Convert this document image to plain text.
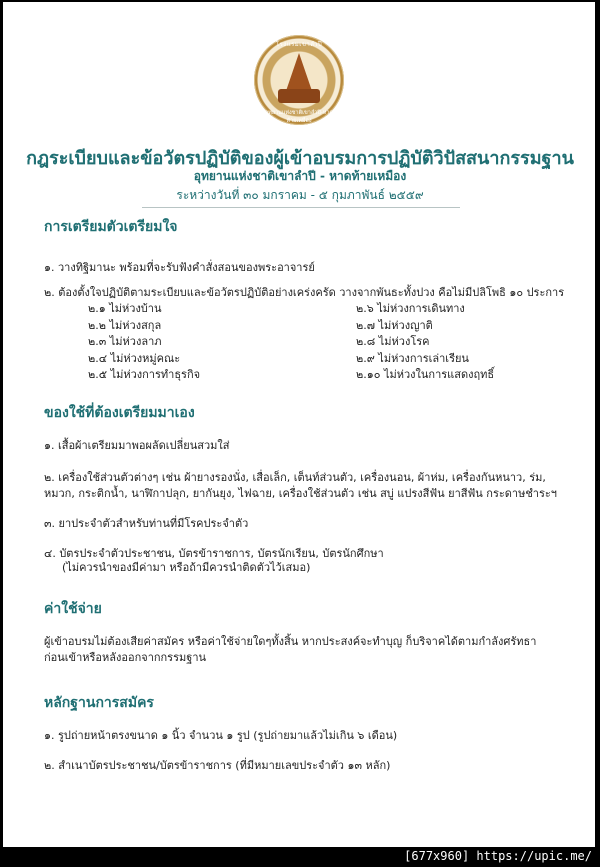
โรงแรมเขาลำปี
อุทยานแห่งชาติเขาลำปี-หาดท้ายเหมือง
กฎระเบียบและข้อวัตรปฏิบัติของผู้เข้าอบรมการปฏิบัติวิปัสสนากรรมฐาน
อุทยานแห่งชาติเขาลำปี - หาดท้ายเหมือง
ระหว่างวันที่ ๓๐ มกราคม - ๕ กุมภาพันธ์ ๒๕๕๙
การเตรียมตัวเตรียมใจ
๑. วางทิฐิมานะ พร้อมที่จะรับฟังคำสั่งสอนของพระอาจารย์
๒. ต้องตั้งใจปฏิบัติตามระเบียบและข้อวัตรปฏิบัติอย่างเคร่งครัด วางจากพันธะทั้งปวง คือไม่มีปลิโพธิ ๑๐ ประการ
๒.๑ ไม่ห่วงบ้าน
๒.๒ ไม่ห่วงสกุล
๒.๓ ไม่ห่วงลาภ
๒.๔ ไม่ห่วงหมู่คณะ
๒.๕ ไม่ห่วงการทำธุรกิจ
๒.๖ ไม่ห่วงการเดินทาง
๒.๗ ไม่ห่วงญาติ
๒.๘ ไม่ห่วงโรค
๒.๙ ไม่ห่วงการเล่าเรียน
๒.๑๐ ไม่ห่วงในการแสดงฤทธิ์
ของใช้ที่ต้องเตรียมมาเอง
๑. เสื้อผ้าเตรียมมาพอผลัดเปลี่ยนสวมใส่
๒. เครื่องใช้ส่วนตัวต่างๆ เช่น ผ้ายางรองนั่ง, เสื่อเล็ก, เต็นท์ส่วนตัว, เครื่องนอน, ผ้าห่ม, เครื่องกันหนาว, ร่ม,
หมวก, กระติกน้ำ, นาฬิกาปลุก, ยากันยุง, ไฟฉาย, เครื่องใช้ส่วนตัว เช่น สบู่ แปรงสีฟัน ยาสีฟัน กระดาษชำระฯ
๓. ยาประจำตัวสำหรับท่านที่มีโรคประจำตัว
๔. บัตรประจำตัวประชาชน, บัตรข้าราชการ, บัตรนักเรียน, บัตรนักศึกษา
(ไม่ควรนำของมีค่ามา หรือถ้ามีควรนำติดตัวไว้เสมอ)
ค่าใช้จ่าย
ผู้เข้าอบรมไม่ต้องเสียค่าสมัคร หรือค่าใช้จ่ายใดๆทั้งสิ้น หากประสงค์จะทำบุญ ก็บริจาคได้ตามกำลังศรัทธา
ก่อนเข้าหรือหลังออกจากกรรมฐาน
หลักฐานการสมัคร
๑. รูปถ่ายหน้าตรงขนาด ๑ นิ้ว จำนวน ๑ รูป (รูปถ่ายมาแล้วไม่เกิน ๖ เดือน)
๒. สำเนาบัตรประชาชน/บัตรข้าราชการ (ที่มีหมายเลขประจำตัว ๑๓ หลัก)
[677x960] https://upic.me/
